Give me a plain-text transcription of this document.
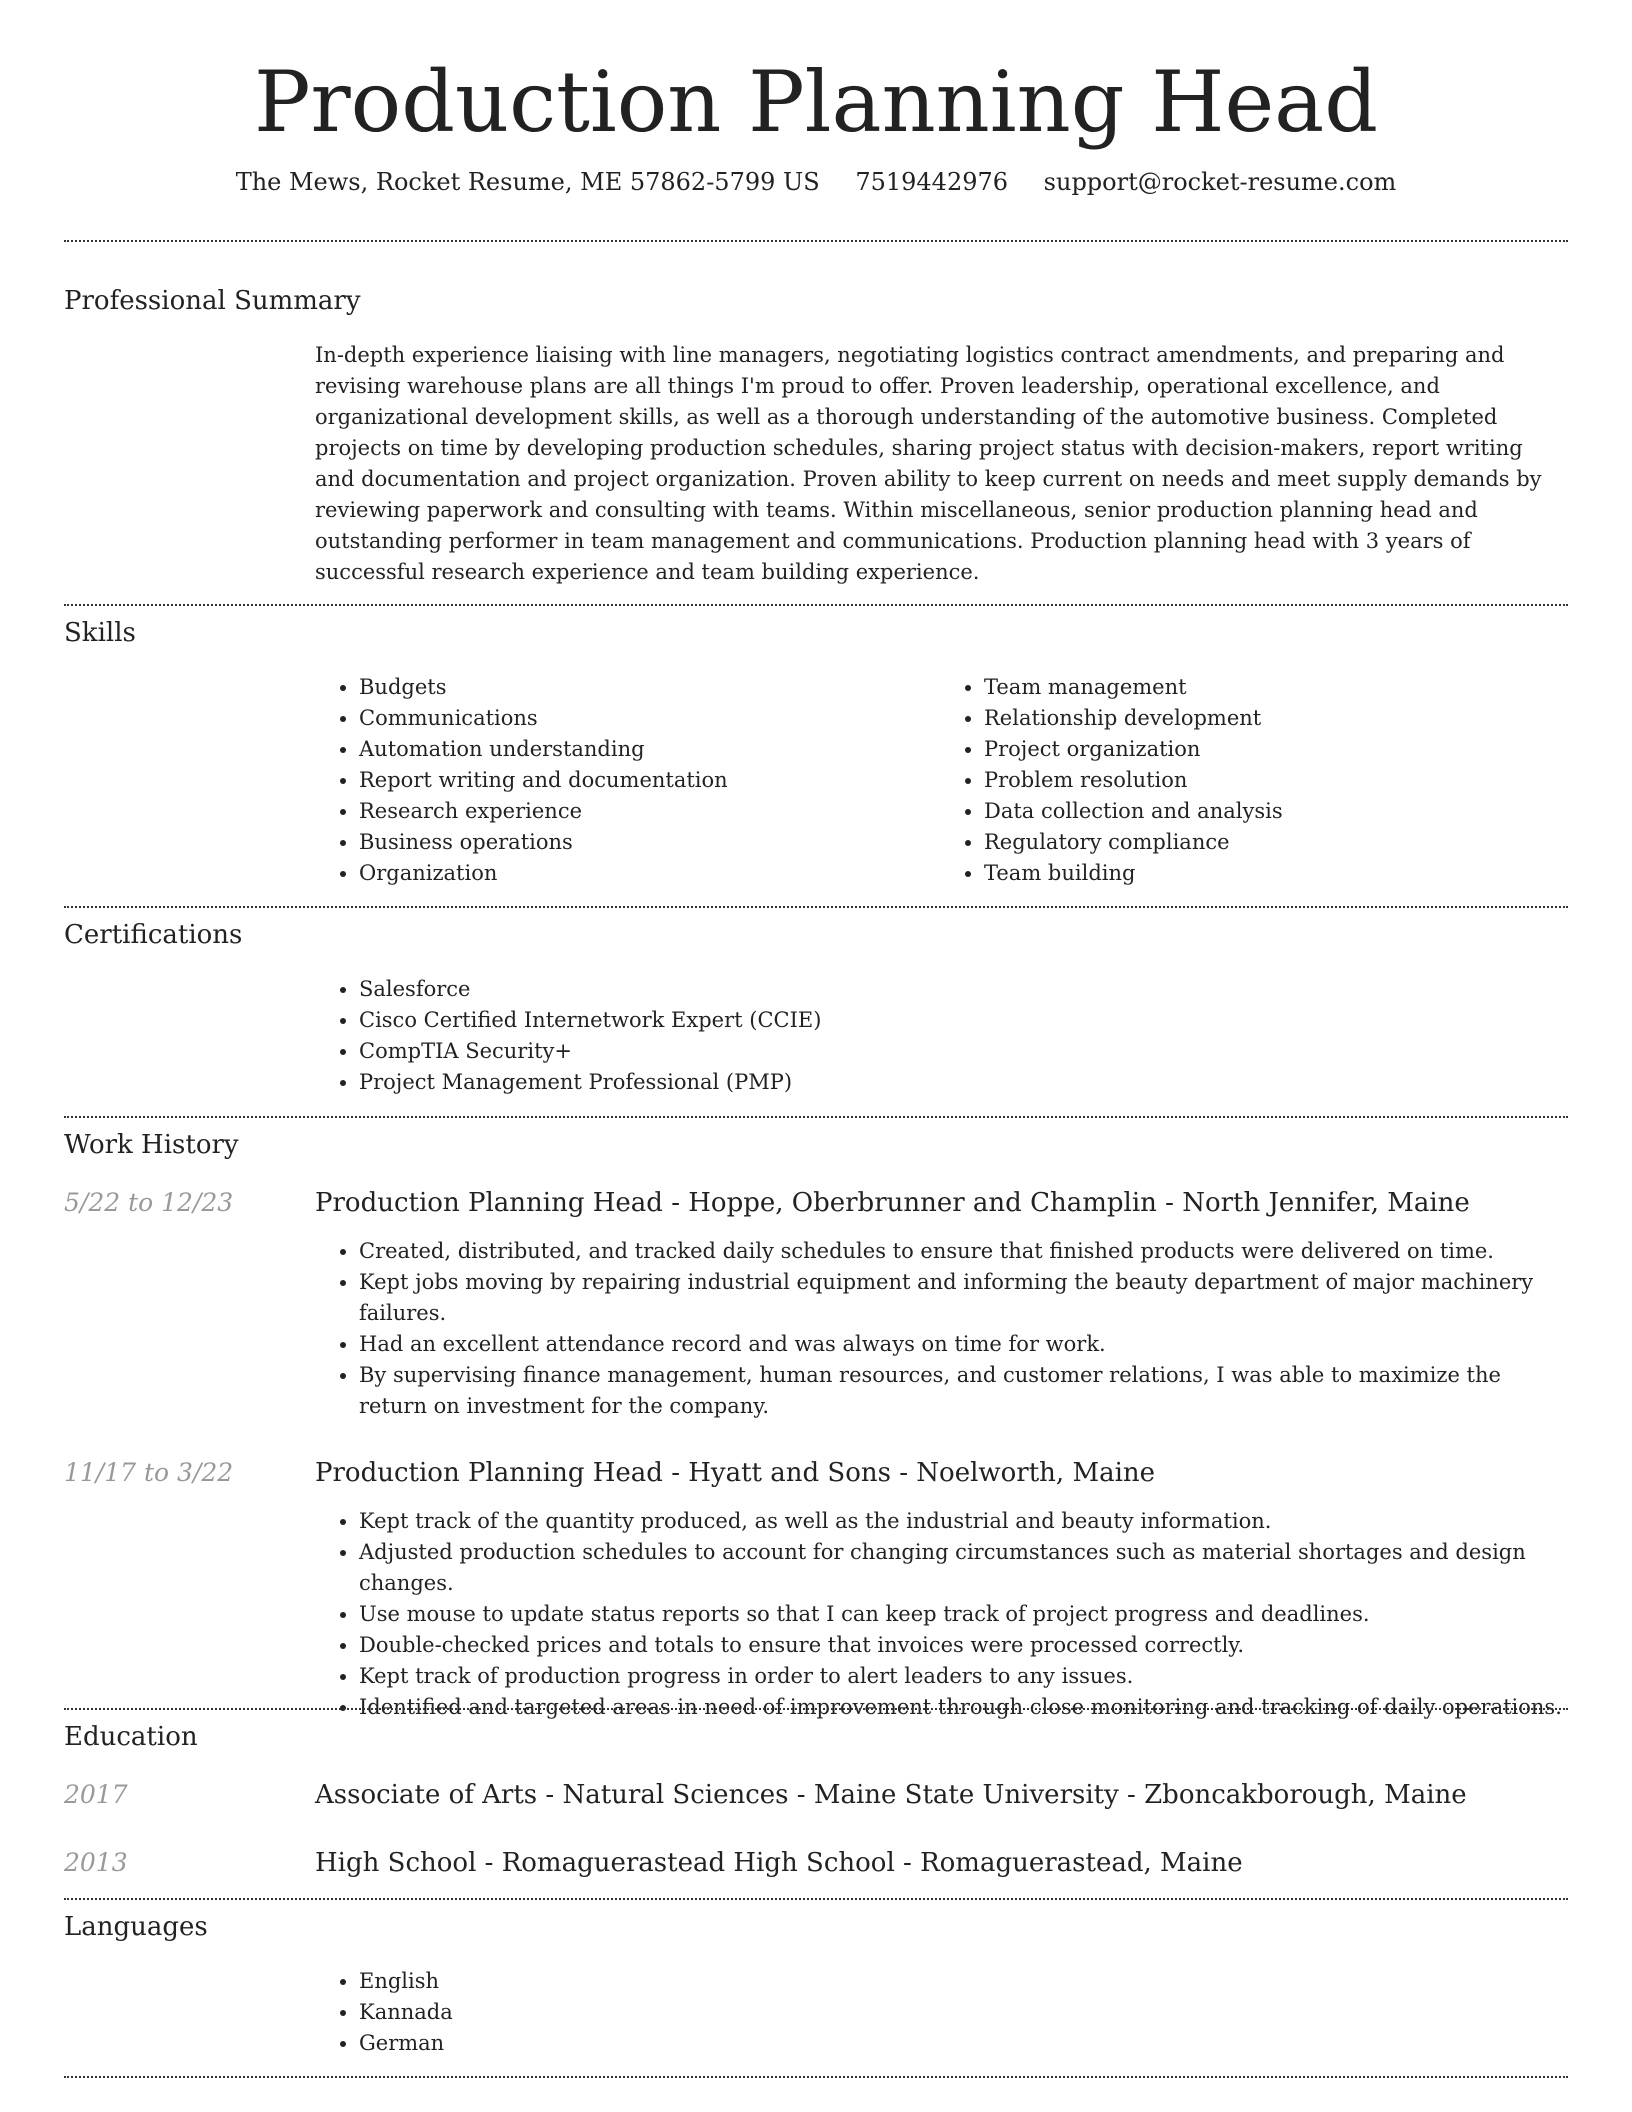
Production Planning Head
The Mews, Rocket Resume, ME 57862-5799 US 7519442976 support@rocket-resume.com
Professional Summary

In-depth experience liaising with line managers, negotiating logistics contract amendments, and preparing and revising warehouse plans are all things I'm proud to offer. Proven leadership, operational excellence, and organizational development skills, as well as a thorough understanding of the automotive business. Completed projects on time by developing production schedules, sharing project status with decision-makers, report writing and documentation and project organization. Proven ability to keep current on needs and meet supply demands by reviewing paperwork and consulting with teams. Within miscellaneous, senior production planning head and outstanding performer in team management and communications. Production planning head with 3 years of successful research experience and team building experience.

Skills
• Budgets
• Communications
• Automation understanding
• Report writing and documentation
• Research experience
• Business operations
• Organization
• Team management
• Relationship development
• Project organization
• Problem resolution
• Data collection and analysis
• Regulatory compliance
• Team building
Certifications
• Salesforce
• Cisco Certified Internetwork Expert (CCIE)
• CompTIA Security+
• Project Management Professional (PMP)
Work History
5/22 to 12/23	Production Planning Head - Hoppe, Oberbrunner and Champlin - North Jennifer, Maine
• Created, distributed, and tracked daily schedules to ensure that finished products were delivered on time.
• Kept jobs moving by repairing industrial equipment and informing the beauty department of major machinery failures.
• Had an excellent attendance record and was always on time for work.
• By supervising finance management, human resources, and customer relations, I was able to maximize the return on investment for the company.
11/17 to 3/22	Production Planning Head - Hyatt and Sons - Noelworth, Maine
• Kept track of the quantity produced, as well as the industrial and beauty information.
• Adjusted production schedules to account for changing circumstances such as material shortages and design changes.
• Use mouse to update status reports so that I can keep track of project progress and deadlines.
• Double-checked prices and totals to ensure that invoices were processed correctly.
• Kept track of production progress in order to alert leaders to any issues.
• Identified and targeted areas in need of improvement through close monitoring and tracking of daily operations.
Education
2017	Associate of Arts - Natural Sciences - Maine State University - Zboncakborough, Maine
2013	High School - Romaguerastead High School - Romaguerastead, Maine
Languages
• English
• Kannada
• German
